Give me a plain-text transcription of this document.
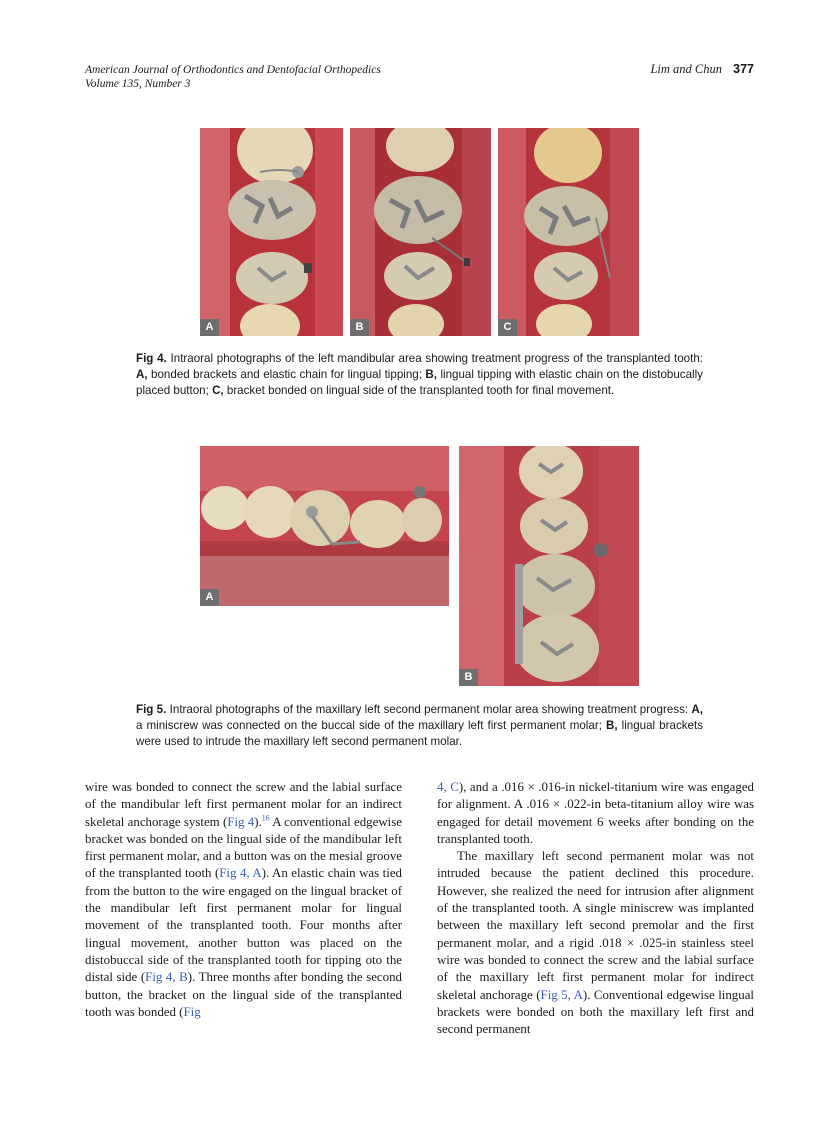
American Journal of Orthodontics and Dentofacial Orthopedics
Volume 135, Number 3
Lim and Chun 377
A	B	C
Fig 4. Intraoral photographs of the left mandibular area showing treatment progress of the transplanted tooth: A, bonded brackets and elastic chain for lingual tipping; B, lingual tipping with elastic chain on the distobucally placed button; C, bracket bonded on lingual side of the transplanted tooth for final movement.
A
B
Fig 5. Intraoral photographs of the maxillary left second permanent molar area showing treatment progress: A, a miniscrew was connected on the buccal side of the maxillary left first permanent molar; B, lingual brackets were used to intrude the maxillary left second permanent molar.

wire was bonded to connect the screw and the labial surface of the mandibular left first permanent molar for an indirect skeletal anchorage system (Fig 4).$^{16}$ A conventional edgewise bracket was bonded on the lingual side of the mandibular left first permanent molar, and a button was on the mesial groove of the transplanted tooth (Fig 4, A). An elastic chain was tied from the button to the wire engaged on the lingual bracket of the mandibular left first permanent molar for lingual movement of the transplanted tooth. Four months after lingual movement, another button was placed on the distobuccal side of the transplanted tooth for tipping oto the distal side (Fig 4, B). Three months after bonding the second button, the bracket on the lingual side of the transplanted tooth was bonded (Fig

4, C), and a .016 × .016-in nickel-titanium wire was engaged for alignment. A .016 × .022-in beta-titanium alloy wire was engaged for detail movement 6 weeks after bonding on the transplanted tooth.

The maxillary left second permanent molar was not intruded because the patient declined this procedure. However, she realized the need for intrusion after alignment of the transplanted tooth. A single miniscrew was implanted between the maxillary left second premolar and the first permanent molar, and a rigid .018 × .025-in stainless steel wire was bonded to connect the screw and the labial surface of the maxillary left first permanent molar for indirect skeletal anchorage (Fig 5, A). Conventional edgewise lingual brackets were bonded on both the maxillary left first and second permanent
